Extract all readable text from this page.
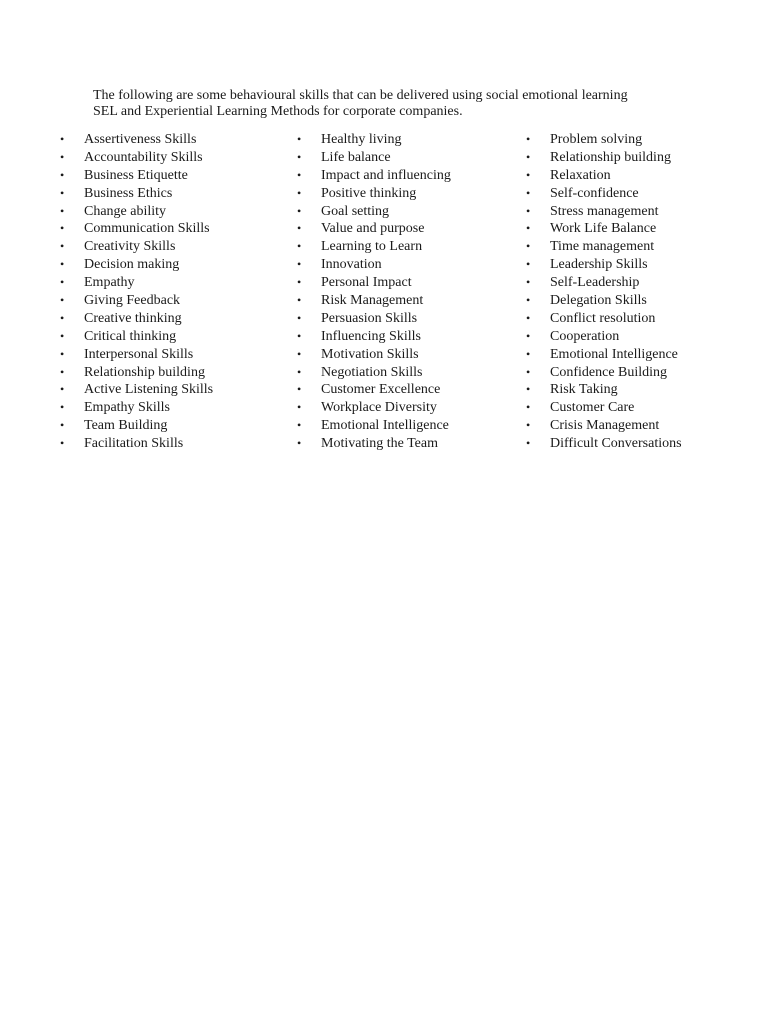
The following are some behavioural skills that can be delivered using social emotional learning SEL and Experiential Learning Methods for corporate companies.

• Assertiveness Skills
• Accountability Skills
• Business Etiquette
• Business Ethics
• Change ability
• Communication Skills
• Creativity Skills
• Decision making
• Empathy
• Giving Feedback
• Creative thinking
• Critical thinking
• Interpersonal Skills
• Relationship building
• Active Listening Skills
• Empathy Skills
• Team Building
• Facilitation Skills
• Healthy living
• Life balance
• Impact and influencing
• Positive thinking
• Goal setting
• Value and purpose
• Learning to Learn
• Innovation
• Personal Impact
• Risk Management
• Persuasion Skills
• Influencing Skills
• Motivation Skills
• Negotiation Skills
• Customer Excellence
• Workplace Diversity
• Emotional Intelligence
• Motivating the Team
• Problem solving
• Relationship building
• Relaxation
• Self-confidence
• Stress management
• Work Life Balance
• Time management
• Leadership Skills
• Self-Leadership
• Delegation Skills
• Conflict resolution
• Cooperation
• Emotional Intelligence
• Confidence Building
• Risk Taking
• Customer Care
• Crisis Management
• Difficult Conversations
